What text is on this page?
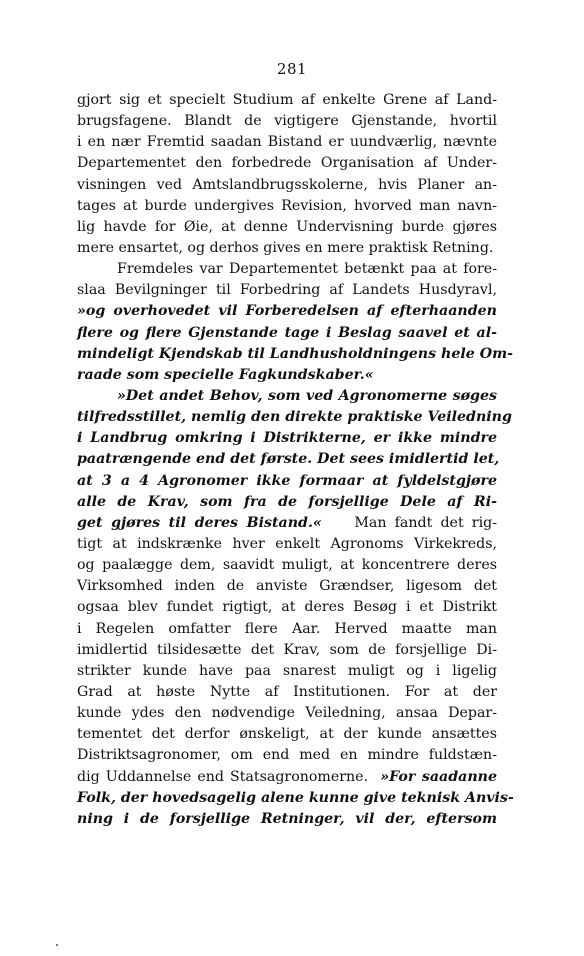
281
gjort sig et specielt Studium af enkelte Grene af Land-
brugsfagene. Blandt de vigtigere Gjenstande, hvortil
i en nær Fremtid saadan Bistand er uundværlig, nævnte
Departementet den forbedrede Organisation af Under-
visningen ved Amtslandbrugsskolerne, hvis Planer an-
tages at burde undergives Revision, hvorved man navn-
lig havde for Øie, at denne Undervisning burde gjøres
mere ensartet, og derhos gives en mere praktisk Retning.
Fremdeles var Departementet betænkt paa at fore-
slaa Bevilgninger til Forbedring af Landets Husdyravl,
»og overhovedet vil Forberedelsen af efterhaanden
flere og flere Gjenstande tage i Beslag saavel et al-
mindeligt Kjendskab til Landhusholdningens hele Om-
raade som specielle Fagkundskaber.«
»Det andet Behov, som ved Agronomerne søges
tilfredsstillet, nemlig den direkte praktiske Veiledning
i Landbrug omkring i Distrikterne, er ikke mindre
paatrængende end det første. Det sees imidlertid let,
at 3 a 4 Agronomer ikke formaar at fyldelstgjøre
alle de Krav, som fra de forsjellige Dele af Ri-
get gjøres til deres Bistand.« Man fandt det rig-
tigt at indskrænke hver enkelt Agronoms Virkekreds,
og paalægge dem, saavidt muligt, at koncentrere deres
Virksomhed inden de anviste Grændser, ligesom det
ogsaa blev fundet rigtigt, at deres Besøg i et Distrikt
i Regelen omfatter flere Aar. Herved maatte man
imidlertid tilsidesætte det Krav, som de forsjellige Di-
strikter kunde have paa snarest muligt og i ligelig
Grad at høste Nytte af Institutionen. For at der
kunde ydes den nødvendige Veiledning, ansaa Depar-
tementet det derfor ønskeligt, at der kunde ansættes
Distriktsagronomer, om end med en mindre fuldstæn-
dig Uddannelse end Statsagronomerne. »For saadanne
Folk, der hovedsagelig alene kunne give teknisk Anvis-
ning i de forsjellige Retninger, vil der, eftersom
